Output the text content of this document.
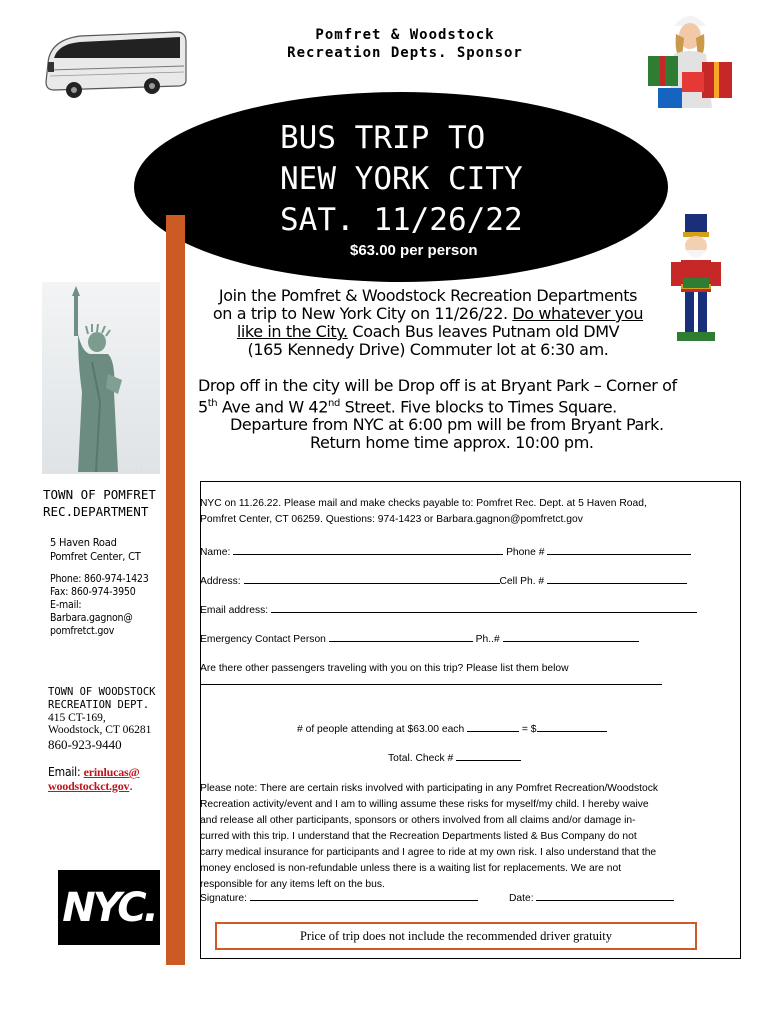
Pomfret & Woodstock
Recreation Depts. Sponsor
BUS TRIP TO
NEW YORK CITY
SAT. 11/26/22
$63.00 per person
·
Join the Pomfret & Woodstock Recreation Departments
on a trip to New York City on 11/26/22. Do whatever you
like in the City. Coach Bus leaves Putnam old DMV
(165 Kennedy Drive) Commuter lot at 6:30 am.
Drop off in the city will be Drop off is at Bryant Park – Corner of
5th Ave and W 42nd Street. Five blocks to Times Square.
Departure from NYC at 6:00 pm will be from Bryant Park.
Return home time approx. 10:00 pm.
TOWN OF POMFRET
REC.DEPARTMENT
5 Haven Road
Pomfret Center, CT
Phone: 860-974-1423
Fax: 860-974-3950
E-mail:
Barbara.gagnon@
pomfretct.gov
TOWN OF WOODSTOCK
RECREATION DEPT.
415 CT-169,
Woodstock, CT 06281
860-923-9440
Email: erinlucas@
woodstockct.gov.
NYC.
NYC on 11.26.22. Please mail and make checks payable to: Pomfret Rec. Dept. at 5 Haven Road,
Pomfret Center, CT 06259. Questions: 974-1423 or Barbara.gagnon@pomfretct.gov
Name:	Phone #
Address:	Cell Ph. #
Email address:
Emergency Contact Person	Ph..#
Are there other passengers traveling with you on this trip? Please list them below
# of people attending at $63.00 each	= $
Total. Check #
Please note: There are certain risks involved with participating in any Pomfret Recreation/Woodstock
Recreation activity/event and I am to willing assume these risks for myself/my child. I hereby waive
and release all other participants, sponsors or others involved from all claims and/or damage in-
curred with this trip. I understand that the Recreation Departments listed & Bus Company do not
carry medical insurance for participants and I agree to ride at my own risk. I also understand that the
money enclosed is non-refundable unless there is a waiting list for replacements. We are not
responsible for any items left on the bus.
Signature:	Date:
Price of trip does not include the recommended driver gratuity
